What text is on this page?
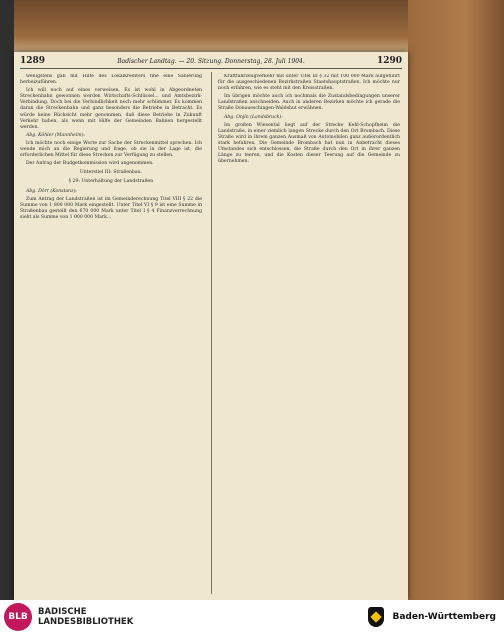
1289	Badischer Landtag. — 20. Sitzung. Donnerstag, 28. Juli 1904.	1290

wenigstens gab mit Hilfe des Lokalkrediters fine eine Sanierung herbeizuführen.

Ich will noch auf eines verweisen. Es ist wohl in Abgeordneten Streckenbahn gewonnen werden Wirtschafts-Schlüssel... und Amtsbezirk-Verbindung. Doch bei die Verbindlichkeit noch mehr schlimmer. Es kommen daran die Streckenbahn und ganz besonders die Betriebe in Betracht. Es würde keine Rücksicht mehr genommen, daß diese Betriebe in Zukunft Verkehr haben, als wenn mit Hilfe der Gemeinden Bahnen hergestellt werden.

Abg. Köhler (Mannheim):

Ich möchte noch einige Worte zur Sache der Streckenmittel sprechen. Ich wende mich an die Regierung und frage, ob sie in der Lage ist, die erforderlichen Mittel für diese Strecken zur Verfügung zu stellen.

Der Antrag der Budgetkommission wird angenommen.

Unterstiel III: Straßenbau.

§ 29: Unterhaltung der Landstraßen

Abg. Dörr (Konstanz):

Zum Antrag der Landstraßen ist im Gemeinderechnung Titel VIII § 22 die Summe von 1 800 000 Mark eingestellt. Unter Titel VI § 9 ist eine Summe in Straßenbau gestellt den 670 000 Mark unter Titel I § 4 Finanzverrechnung sieht als Summe von 1 000 000 Mark...

Kraftfahrzeugverkehr mit unter Titel III § 32 mit 100 000 Mark aufgeführt für die ausgeschiedenen Bezirkstraßen Staatshauptstraßen. Ich möchte nur noch erfahren, wie es steht mit den Kreisstraßen.

Im übrigen möchte auch ich nochmals die Zustandsbedingungen unserer Landstraßen anschneiden. Auch in anderen Bezirken möchte ich gerade die Straße Donaueschingen-Waldshut erwähnen.

Abg. Onjin (Landsbruck):

Im großen Wiesental liegt auf der Strecke Kehl-Schopfheim die Landstraße, in einer ziemlich langen Strecke durch den Ort Brombach. Diese Straße wird in ihrem ganzen Ausmaß von Automobilen ganz außerordentlich stark befahren. Die Gemeinde Brombach hat nun in Anbetracht dieses Umstandes sich entschlossen, die Straße durch den Ort in ihrer ganzen Länge zu teeren, und die Kosten dieser Teerung auf die Gemeinde zu übernehmen.

BLB	BADISCHE
LANDESBIBLIOTHEK	Baden-Württemberg
